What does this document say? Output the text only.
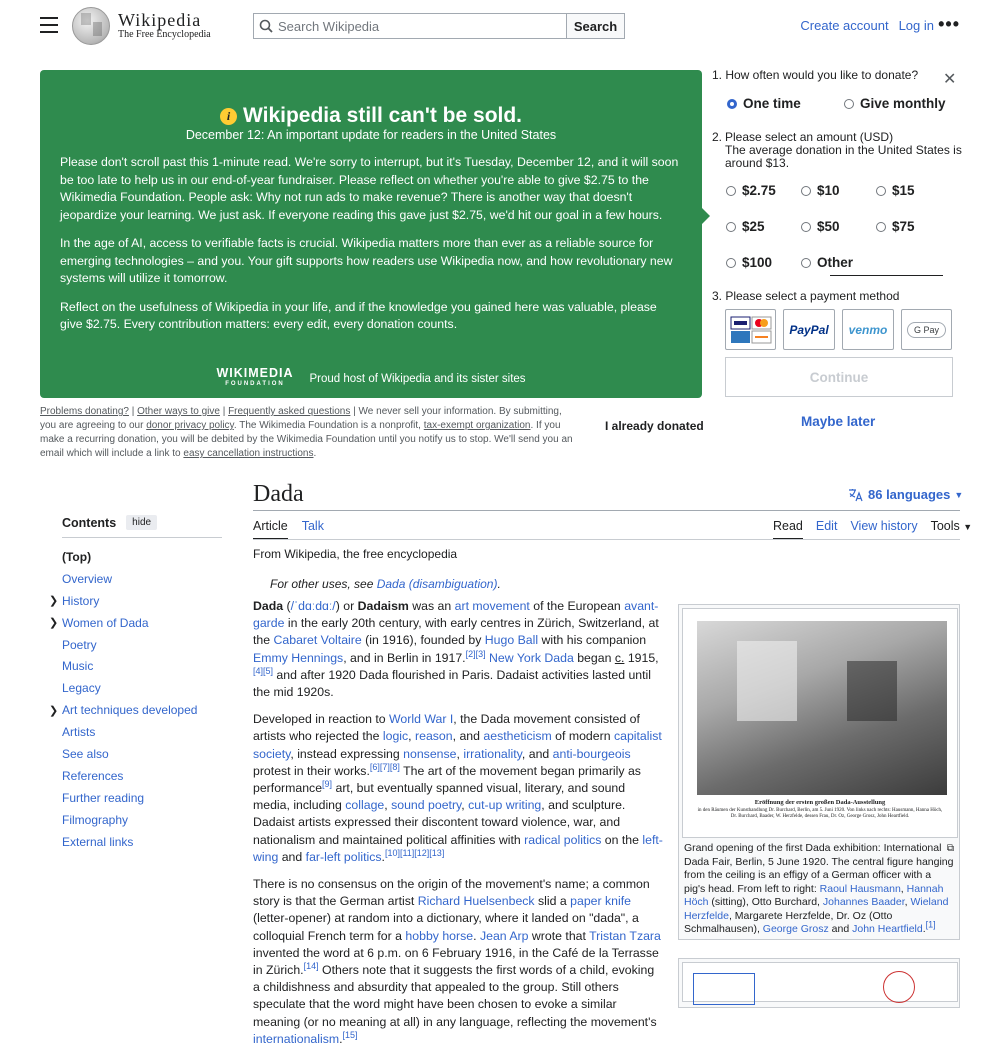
Wikipedia
The Free Encyclopedia
Search Wikipedia
Search	Create account Log in •••
i Wikipedia still can't be sold.
December 12: An important update for readers in the United States

Please don't scroll past this 1-minute read. We're sorry to interrupt, but it's Tuesday, December 12, and it will soon be too late to help us in our end-of-year fundraiser. Please reflect on whether you're able to give $2.75 to the Wikimedia Foundation. People ask: Why not run ads to make revenue? There is another way that doesn't jeopardize your learning. We just ask. If everyone reading this gave just $2.75, we'd hit our goal in a few hours.

In the age of AI, access to verifiable facts is crucial. Wikipedia matters more than ever as a reliable source for emerging technologies – and you. Your gift supports how readers use Wikipedia now, and how revolutionary new systems will utilize it tomorrow.

Reflect on the usefulness of Wikipedia in your life, and if the knowledge you gained here was valuable, please give $2.75. Every contribution matters: every edit, every donation counts.

WIKIMEDIA
FOUNDATION	Proud host of Wikipedia and its sister sites
Problems donating? | Other ways to give | Frequently asked questions | We never sell your information. By submitting, you are agreeing to our donor privacy policy. The Wikimedia Foundation is a nonprofit, tax-exempt organization. If you make a recurring donation, you will be debited by the Wikimedia Foundation until you notify us to stop. We'll send you an email which will include a link to easy cancellation instructions.
I already donated
1. How often would you like to donate? ✕
One time	Give monthly
2. Please select an amount (USD)
The average donation in the United States is around $13.
$2.75	$10	$15
$25	$50	$75
$100	Other
3. Please select a payment method
PayPal	venmo	G Pay
Continue
Maybe later
Dada	86 languages ▼
Article Talk	Read Edit View history Tools ▼
Contents	hide
(Top)
Overview
❯ History
❯ Women of Dada
Poetry
Music
Legacy
❯ Art techniques developed
Artists
See also
References
Further reading
Filmography
External links
From Wikipedia, the free encyclopedia
For other uses, see Dada (disambiguation).

Dada (/ˈdɑːdɑː/) or Dadaism was an art movement of the European avant-garde in the early 20th century, with early centres in Zürich, Switzerland, at the Cabaret Voltaire (in 1916), founded by Hugo Ball with his companion Emmy Hennings, and in Berlin in 1917.[2][3] New York Dada began c. 1915,[4][5] and after 1920 Dada flourished in Paris. Dadaist activities lasted until the mid 1920s.

Developed in reaction to World War I, the Dada movement consisted of artists who rejected the logic, reason, and aestheticism of modern capitalist society, instead expressing nonsense, irrationality, and anti-bourgeois protest in their works.[6][7][8] The art of the movement began primarily as performance[9] art, but eventually spanned visual, literary, and sound media, including collage, sound poetry, cut-up writing, and sculpture. Dadaist artists expressed their discontent toward violence, war, and nationalism and maintained political affinities with radical politics on the left-wing and far-left politics.[10][11][12][13]

There is no consensus on the origin of the movement's name; a common story is that the German artist Richard Huelsenbeck slid a paper knife (letter-opener) at random into a dictionary, where it landed on "dada", a colloquial French term for a hobby horse. Jean Arp wrote that Tristan Tzara invented the word at 6 p.m. on 6 February 1916, in the Café de la Terrasse in Zürich.[14] Others note that it suggests the first words of a child, evoking a childishness and absurdity that appealed to the group. Still others speculate that the word might have been chosen to evoke a similar meaning (or no meaning at all) in any language, reflecting the movement's internationalism.[15]

Eröffnung der ersten großen Dada-Ausstellung
in den Räumen der Kunsthandlung Dr. Burchard, Berlin, am 5. Juni 1920. Von links nach rechts: Hausmann, Hanna Höch, Dr. Burchard, Baader, W. Herzfelde, dessen Frau, Dr. Oz, George Grosz, John Heartfield.
⧉
Grand opening of the first Dada exhibition: International Dada Fair, Berlin, 5 June 1920. The central figure hanging from the ceiling is an effigy of a German officer with a pig's head. From left to right: Raoul Hausmann, Hannah Höch (sitting), Otto Burchard, Johannes Baader, Wieland Herzfelde, Margarete Herzfelde, Dr. Oz (Otto Schmalhausen), George Grosz and John Heartfield.[1]
